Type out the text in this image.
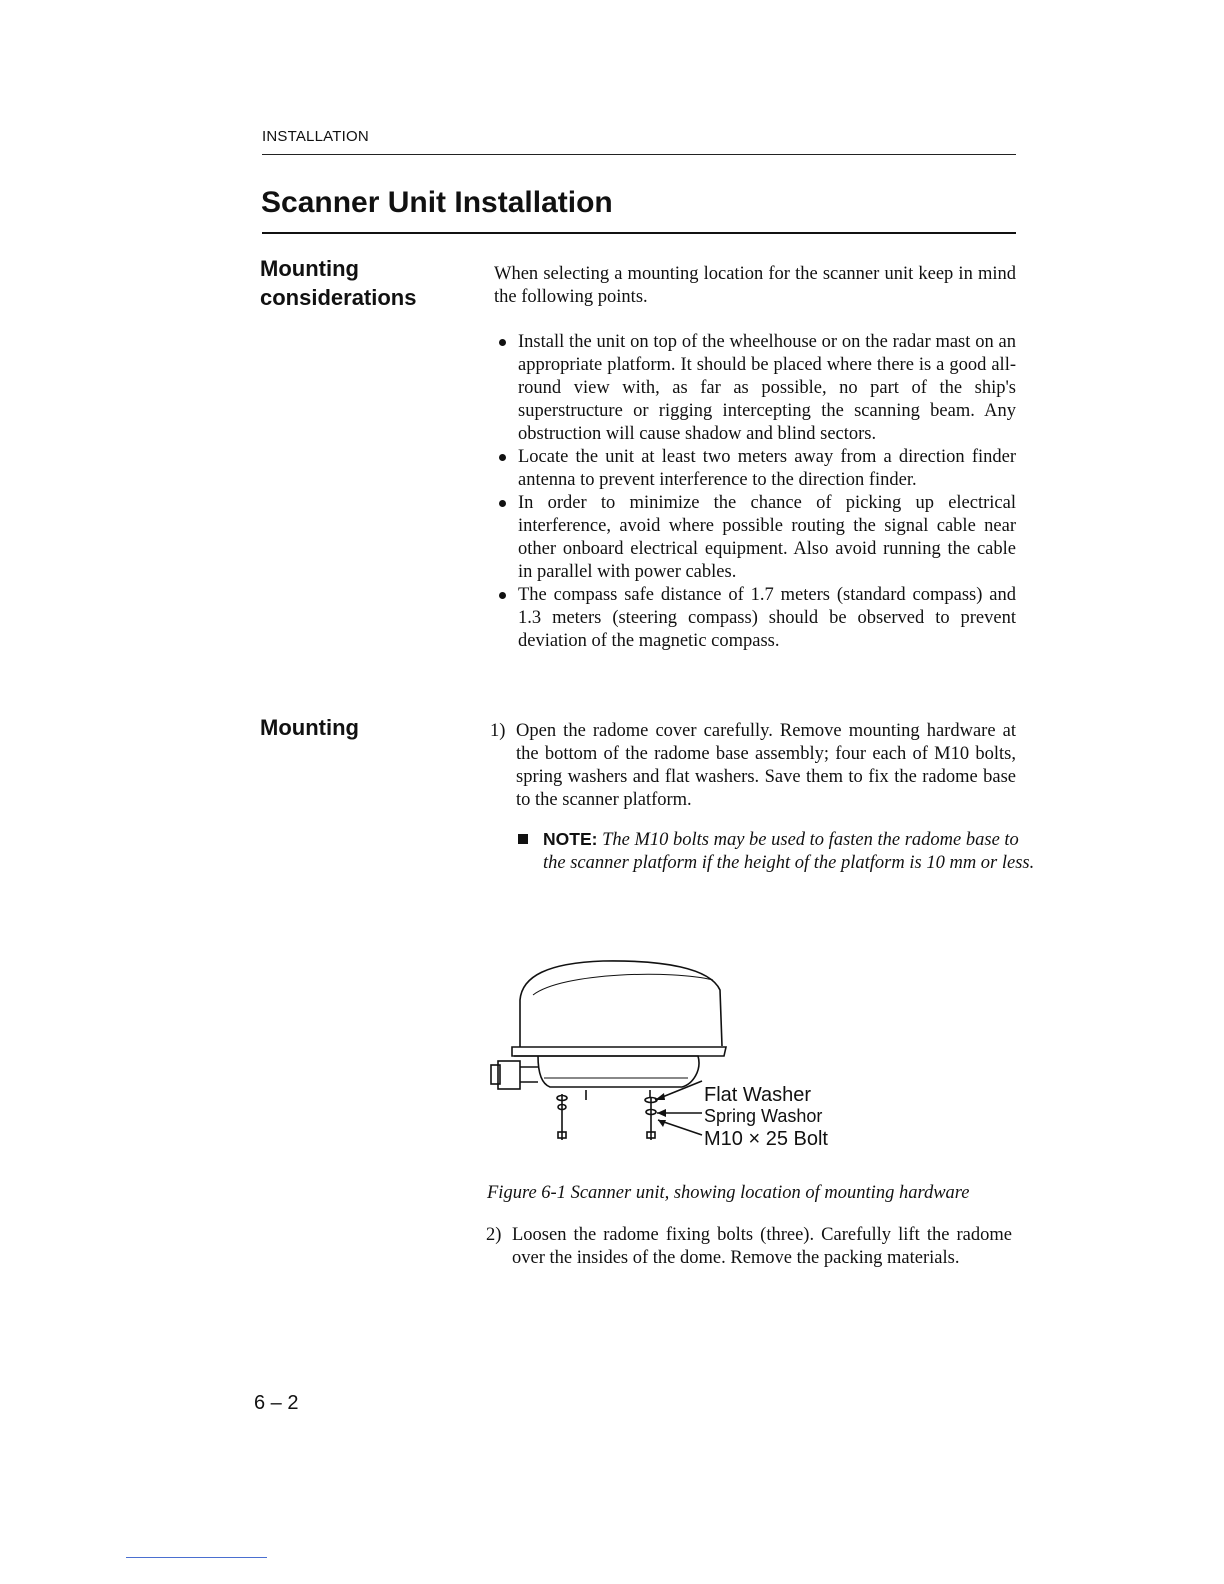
INSTALLATION
Scanner Unit Installation
Mounting considerations

When selecting a mounting location for the scanner unit keep in mind the following points.

Install the unit on top of the wheelhouse or on the radar mast on an appropriate platform. It should be placed where there is a good all-round view with, as far as possible, no part of the ship's superstructure or rigging intercepting the scanning beam. Any obstruction will cause shadow and blind sectors.
Locate the unit at least two meters away from a direction finder antenna to prevent interference to the direction finder.
In order to minimize the chance of picking up electrical interference, avoid where possible routing the signal cable near other onboard electrical equipment. Also avoid running the cable in parallel with power cables.
The compass safe distance of 1.7 meters (standard compass) and 1.3 meters (steering compass) should be observed to prevent deviation of the magnetic compass.
Mounting	1) Open the radome cover carefully. Remove mounting hardware at the bottom of the radome base assembly; four each of M10 bolts, spring washers and flat washers. Save them to fix the radome base to the scanner platform.
NOTE: The M10 bolts may be used to fasten the radome base to the scanner platform if the height of the platform is 10 mm or less.
Flat Washer
Spring Washor
M10 × 25 Bolt

Figure 6-1 Scanner unit, showing location of mounting hardware

2) Loosen the radome fixing bolts (three). Carefully lift the radome over the insides of the dome. Remove the packing materials.
6 – 2
